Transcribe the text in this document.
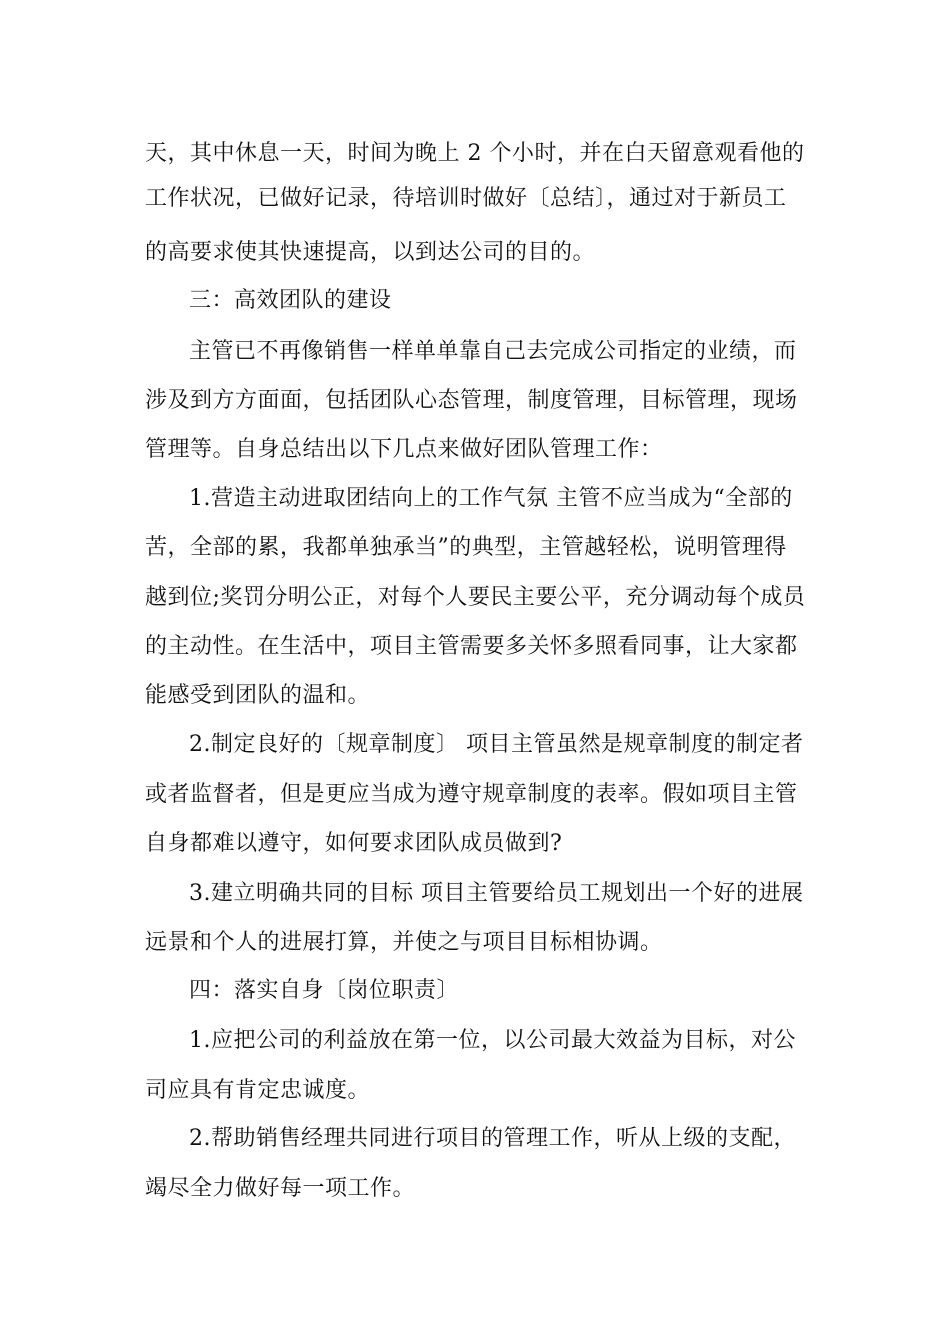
天，其中休息一天，时间为晚上 2 个小时，并在白天留意观看他的
工作状况，已做好记录，待培训时做好〔总结〕，通过对于新员工
的高要求使其快速提高，以到达公司的目的。
三：高效团队的建设
主管已不再像销售一样单单靠自己去完成公司指定的业绩，而
涉及到方方面面，包括团队心态管理，制度管理，目标管理，现场
管理等。自身总结出以下几点来做好团队管理工作：
1.营造主动进取团结向上的工作气氛 主管不应当成为“全部的
苦，全部的累，我都单独承当”的典型，主管越轻松，说明管理得
越到位;奖罚分明公正，对每个人要民主要公平，充分调动每个成员
的主动性。在生活中，项目主管需要多关怀多照看同事，让大家都
能感受到团队的温和。
2.制定良好的〔规章制度〕 项目主管虽然是规章制度的制定者
或者监督者，但是更应当成为遵守规章制度的表率。假如项目主管
自身都难以遵守，如何要求团队成员做到?
3.建立明确共同的目标 项目主管要给员工规划出一个好的进展
远景和个人的进展打算，并使之与项目目标相协调。
四：落实自身〔岗位职责〕
1.应把公司的利益放在第一位，以公司最大效益为目标，对公
司应具有肯定忠诚度。
2.帮助销售经理共同进行项目的管理工作，听从上级的支配，
竭尽全力做好每一项工作。
